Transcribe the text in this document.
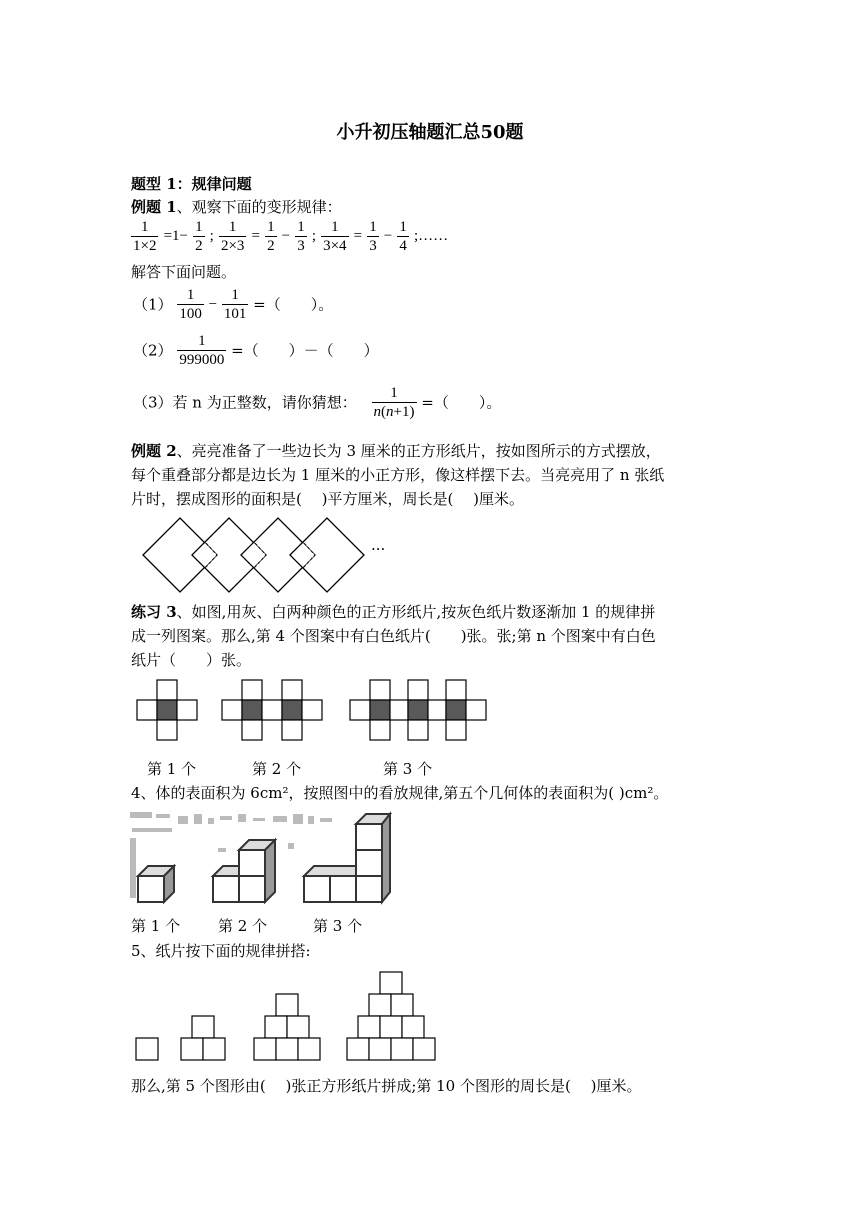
小升初压轴题汇总50题
题型 1：规律问题
例题 1、观察下面的变形规律：
$\frac{1}{1\times 2} =1- \frac{1}{2}$ ; $\frac{1}{2\times 3} = \frac{1}{2} - \frac{1}{3}$ ; $\frac{1}{3\times 4} = \frac{1}{3} - \frac{1}{4}$ ;……
解答下面问题。
$(1) \frac{1}{100} - \frac{1}{101}$ =（　　）。
$(2) \frac{1}{999000}$ =（　　）－（　　）
（3）若 n 为正整数，请你猜想： $\frac{1}{n(n+1)}$ =（　　）。
例题 2、亮亮准备了一些边长为 3 厘米的正方形纸片，按如图所示的方式摆放，
每个重叠部分都是边长为 1 厘米的小正方形，像这样摆下去。当亮亮用了 n 张纸
片时，摆成图形的面积是(　 )平方厘米，周长是(　 )厘米。
···
练习 3、如图,用灰、白两种颜色的正方形纸片,按灰色纸片数逐渐加 1 的规律拼
成一列图案。那么,第 4 个图案中有白色纸片(　　)张。张;第 n 个图案中有白色
纸片（　　）张。
第 1 个	第 2 个	第 3 个
4、体的表面积为 6cm²，按照图中的看放规律,第五个几何体的表面积为( )cm²。
第 1 个	第 2 个	第 3 个
5、纸片按下面的规律拼搭:
那么,第 5 个图形由(　 )张正方形纸片拼成;第 10 个图形的周长是(　 )厘米。
